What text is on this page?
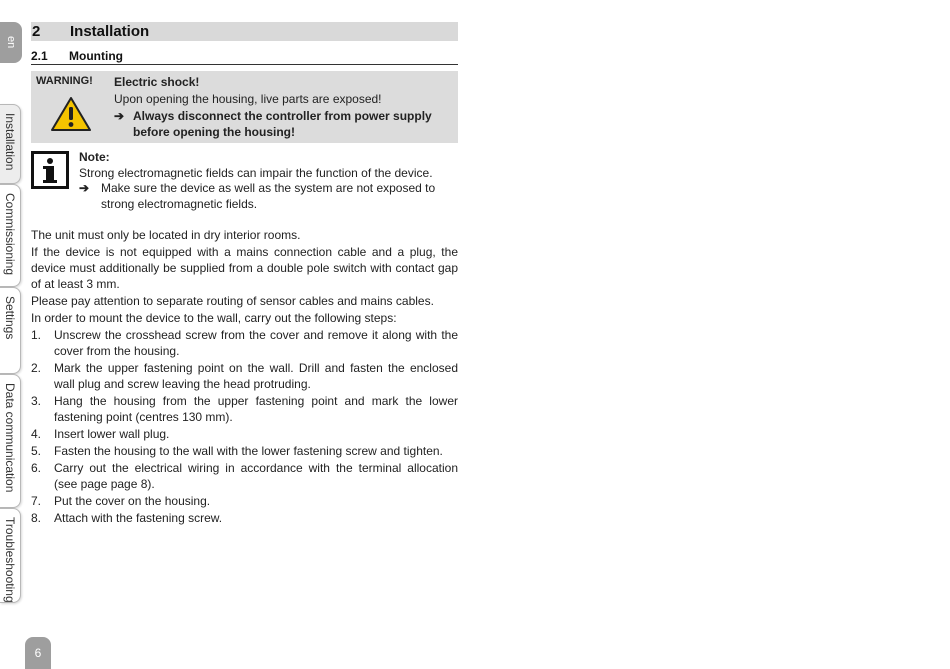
en
Installation
Commissioning
Settings
Data communication
Troubleshooting
2	Installation
2.1	Mounting
WARNING! Electric shock!
Upon opening the housing, live parts are exposed!
➔ Always disconnect the controller from power supply before opening the housing!
Note:
Strong electromagnetic fields can impair the function of the device.
➔ Make sure the device as well as the system are not exposed to strong electromagnetic fields.

The unit must only be located in dry interior rooms.

If the device is not equipped with a mains connection cable and a plug, the device must additionally be supplied from a double pole switch with contact gap of at least 3 mm.

Please pay attention to separate routing of sensor cables and mains cables.

In order to mount the device to the wall, carry out the following steps:

1. Unscrew the crosshead screw from the cover and remove it along with the cover from the housing.
2. Mark the upper fastening point on the wall. Drill and fasten the enclosed wall plug and screw leaving the head protruding.
3. Hang the housing from the upper fastening point and mark the lower fastening point (centres 130 mm).
4. Insert lower wall plug.
5. Fasten the housing to the wall with the lower fastening screw and tighten.
6. Carry out the electrical wiring in accordance with the terminal allocation (see page page 8).
7. Put the cover on the housing.
8. Attach with the fastening screw.
6
